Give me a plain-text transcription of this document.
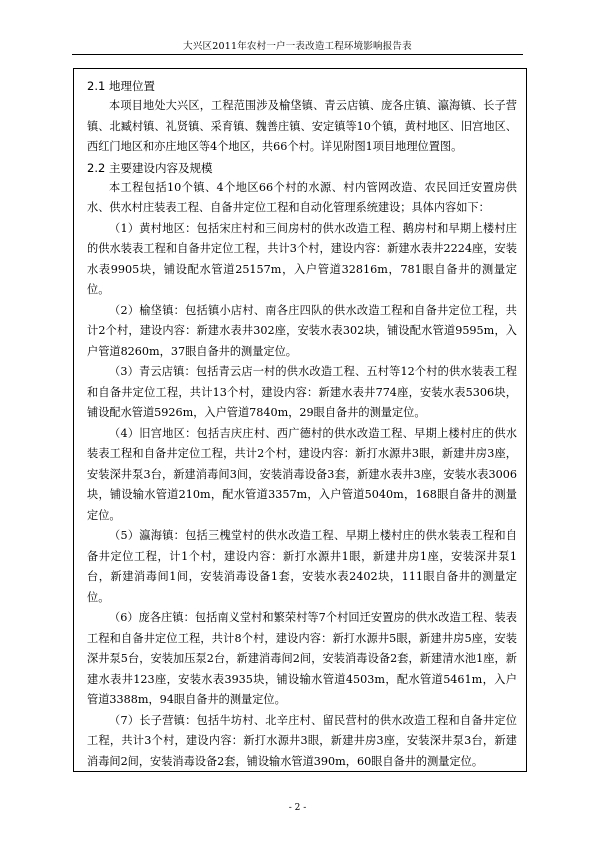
大兴区2011年农村一户一表改造工程环境影响报告表
2.1 地理位置

本项目地处大兴区，工程范围涉及榆垡镇、青云店镇、庞各庄镇、瀛海镇、长子营镇、北臧村镇、礼贤镇、采育镇、魏善庄镇、安定镇等10个镇，黄村地区、旧宫地区、西红门地区和亦庄地区等4个地区，共66个村。详见附图1项目地理位置图。

2.2 主要建设内容及规模

本工程包括10个镇、4个地区66个村的水源、村内管网改造、农民回迁安置房供水、供水村庄装表工程、自备井定位工程和自动化管理系统建设；具体内容如下：

（1）黄村地区：包括宋庄村和三间房村的供水改造工程、鹅房村和早期上楼村庄的供水装表工程和自备井定位工程，共计3个村，建设内容：新建水表井2224座，安装水表9905块，铺设配水管道25157m，入户管道32816m，781眼自备井的测量定位。

（2）榆垡镇：包括镇小店村、南各庄四队的供水改造工程和自备井定位工程，共计2个村，建设内容：新建水表井302座，安装水表302块，铺设配水管道9595m，入户管道8260m，37眼自备井的测量定位。

（3）青云店镇：包括青云店一村的供水改造工程、五村等12个村的供水装表工程和自备井定位工程，共计13个村，建设内容：新建水表井774座，安装水表5306块，铺设配水管道5926m，入户管道7840m，29眼自备井的测量定位。

（4）旧宫地区：包括吉庆庄村、西广德村的供水改造工程、早期上楼村庄的供水装表工程和自备井定位工程，共计2个村，建设内容：新打水源井3眼，新建井房3座，安装深井泵3台，新建消毒间3间，安装消毒设备3套，新建水表井3座，安装水表3006块，铺设输水管道210m，配水管道3357m，入户管道5040m，168眼自备井的测量定位。

（5）瀛海镇：包括三槐堂村的供水改造工程、早期上楼村庄的供水装表工程和自备井定位工程，计1个村，建设内容：新打水源井1眼，新建井房1座，安装深井泵1台，新建消毒间1间，安装消毒设备1套，安装水表2402块，111眼自备井的测量定位。

（6）庞各庄镇：包括南义堂村和繁荣村等7个村回迁安置房的供水改造工程、装表工程和自备井定位工程，共计8个村，建设内容：新打水源井5眼，新建井房5座，安装深井泵5台，安装加压泵2台，新建消毒间2间，安装消毒设备2套，新建清水池1座，新建水表井123座，安装水表3935块，铺设输水管道4503m，配水管道5461m，入户管道3388m，94眼自备井的测量定位。

（7）长子营镇：包括牛坊村、北辛庄村、留民营村的供水改造工程和自备井定位工程，共计3个村，建设内容：新打水源井3眼，新建井房3座，安装深井泵3台，新建消毒间2间，安装消毒设备2套，铺设输水管道390m，60眼自备井的测量定位。

- 2 -
